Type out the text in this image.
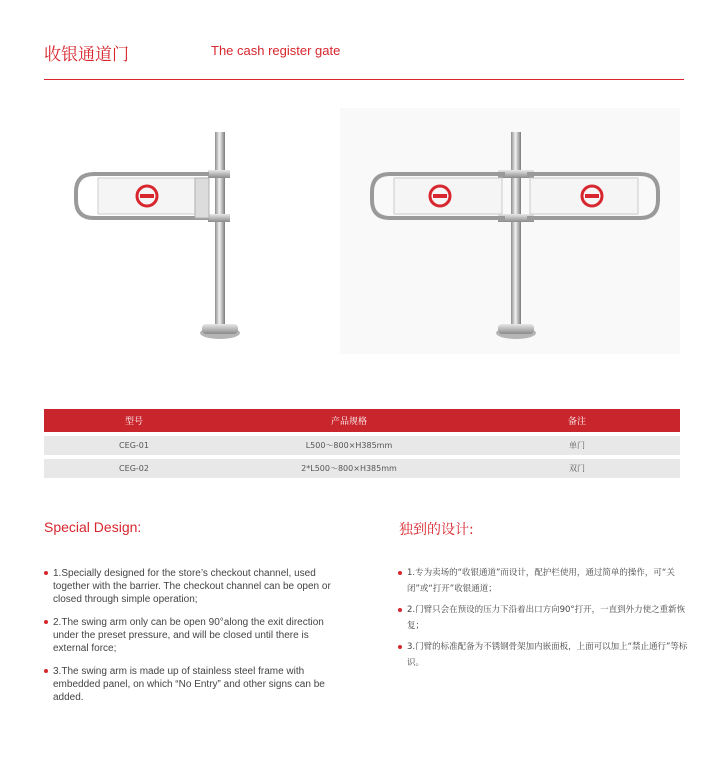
收银通道门	The cash register gate
型号	产品规格	备注
CEG-01	L500～800×H385mm	单门
CEG-02	2*L500～800×H385mm	双门
Special Design:	独到的设计:
1.Specially designed for the store’s checkout channel, used together with the barrier. The checkout channel can be open or closed through simple operation;
2.The swing arm only can be open 90°along the exit direction under the preset pressure, and will be closed until there is external force;
3.The swing arm is made up of stainless steel frame with embedded panel, on which “No Entry” and other signs can be added.
1.专为卖场的“收银通道”而设计，配护栏使用，通过简单的操作，可“关闭”或“打开”收银通道；
2.门臂只会在预设的压力下沿着出口方向90°打开，一直到外力使之重新恢复；
3.门臂的标准配备为不锈钢骨架加内嵌面板，上面可以加上“禁止通行”等标识。
